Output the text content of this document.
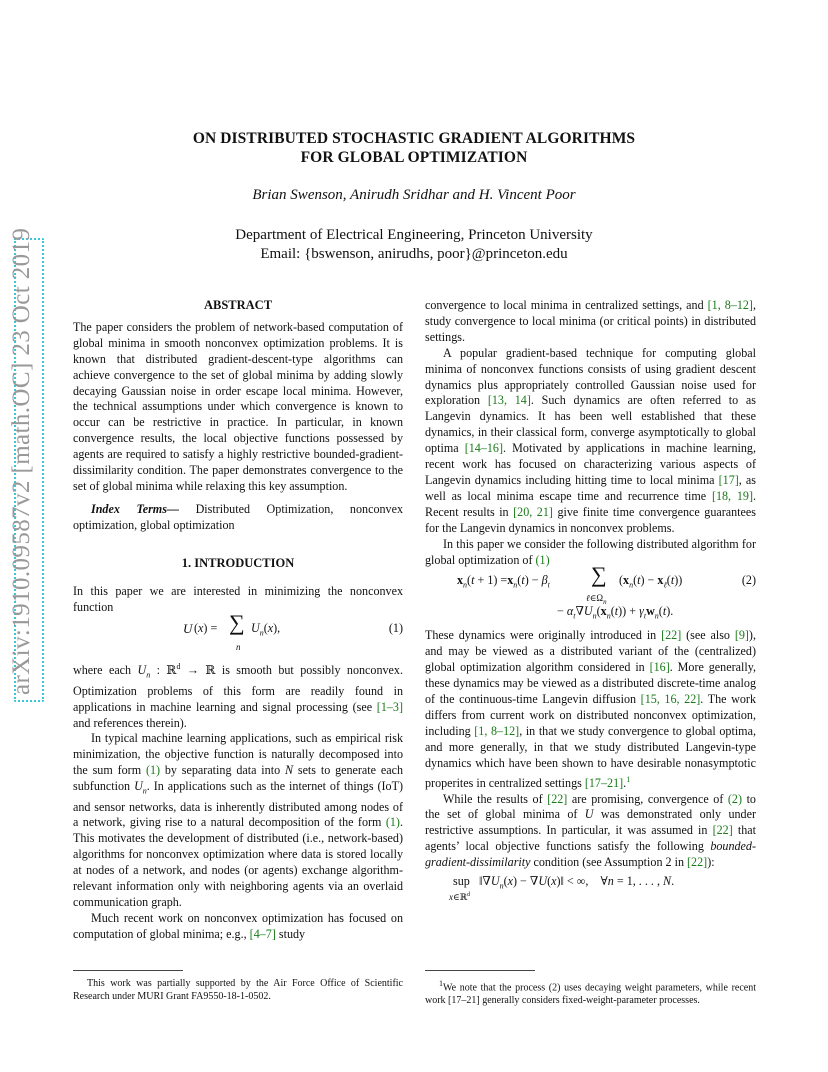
arXiv:1910.09587v2 [math.OC] 23 Oct 2019
ON DISTRIBUTED STOCHASTIC GRADIENT ALGORITHMS
FOR GLOBAL OPTIMIZATION
Brian Swenson, Anirudh Sridhar and H. Vincent Poor
Department of Electrical Engineering, Princeton University
Email: {bswenson, anirudhs, poor}@princeton.edu
ABSTRACT

The paper considers the problem of network-based computation of global minima in smooth nonconvex optimization problems. It is known that distributed gradient-descent-type algorithms can achieve convergence to the set of global minima by adding slowly decaying Gaussian noise in order escape local minima. However, the technical assumptions under which convergence is known to occur can be restrictive in practice. In particular, in known convergence results, the local objective functions possessed by agents are required to satisfy a highly restrictive bounded-gradient-dissimilarity condition. The paper demonstrates convergence to the set of global minima while relaxing this key assumption.

Index Terms— Distributed Optimization, nonconvex optimization, global optimization

1. INTRODUCTION

In this paper we are interested in minimizing the nonconvex function

U (x) = ∑
n
$U_n(x)$,	(1)

where each $U_n$ : ℝ$^d$ → ℝ is smooth but possibly nonconvex. Optimization problems of this form are readily found in applications in machine learning and signal processing (see [1–3] and references therein).

In typical machine learning applications, such as empirical risk minimization, the objective function is naturally decomposed into the sum form (1) by separating data into N sets to generate each subfunction $U_n$. In applications such as the internet of things (IoT) and sensor networks, data is inherently distributed among nodes of a network, giving rise to a natural decomposition of the form (1). This motivates the development of distributed (i.e., network-based) algorithms for nonconvex optimization where data is stored locally at nodes of a network, and nodes (or agents) exchange algorithm-relevant information only with neighboring agents via an overlaid communication graph.

Much recent work on nonconvex optimization has focused on computation of global minima; e.g., [4–7] study

This work was partially supported by the Air Force Office of Scientific Research under MURI Grant FA9550-18-1-0502.

convergence to local minima in centralized settings, and [1, 8–12], study convergence to local minima (or critical points) in distributed settings.

A popular gradient-based technique for computing global minima of nonconvex functions consists of using gradient descent dynamics plus appropriately controlled Gaussian noise used for exploration [13, 14]. Such dynamics are often referred to as Langevin dynamics. It has been well established that these dynamics, in their classical form, converge asymptotically to global optima [14–16]. Motivated by applications in machine learning, recent work has focused on characterizing various aspects of Langevin dynamics including hitting time to local minima [17], as well as local minima escape time and recurrence time [18, 19]. Recent results in [20, 21] give finite time convergence guarantees for the Langevin dynamics in nonconvex problems.

In this paper we consider the following distributed algorithm for global optimization of (1)

$x_n(t + 1) =x_n(t) - \beta_t$ ∑
$\ell\in\Omega_n$
$(x_n(t) - x_\ell(t))$	(2)
− $\alpha_t\nabla U_n(x_n(t)) + \gamma_tw_n(t)$.

These dynamics were originally introduced in [22] (see also [9]), and may be viewed as a distributed variant of the (centralized) global optimization algorithm considered in [16]. More generally, these dynamics may be viewed as a distributed discrete-time analog of the continuous-time Langevin diffusion [15, 16, 22]. The work differs from current work on distributed nonconvex optimization, including [1, 8–12], in that we study convergence to global optima, and more generally, in that we study distributed Langevin-type dynamics which have been shown to have desirable nonasymptotic properites in centralized settings [17–21].$^1$

While the results of [22] are promising, convergence of (2) to the set of global minima of U was demonstrated only under restrictive assumptions. In particular, it was assumed in [22] that agents’ local objective functions satisfy the following bounded-gradient-dissimilarity condition (see Assumption 2 in [22]):

sup
x∈ℝ$^d$
$‖\nabla U_n(x)$ − ∇U(x)‖ < ∞,    ∀n = 1, . . . , N.
$^1$We note that the process (2) uses decaying weight parameters, while recent work [17–21] generally considers fixed-weight-parameter processes.
